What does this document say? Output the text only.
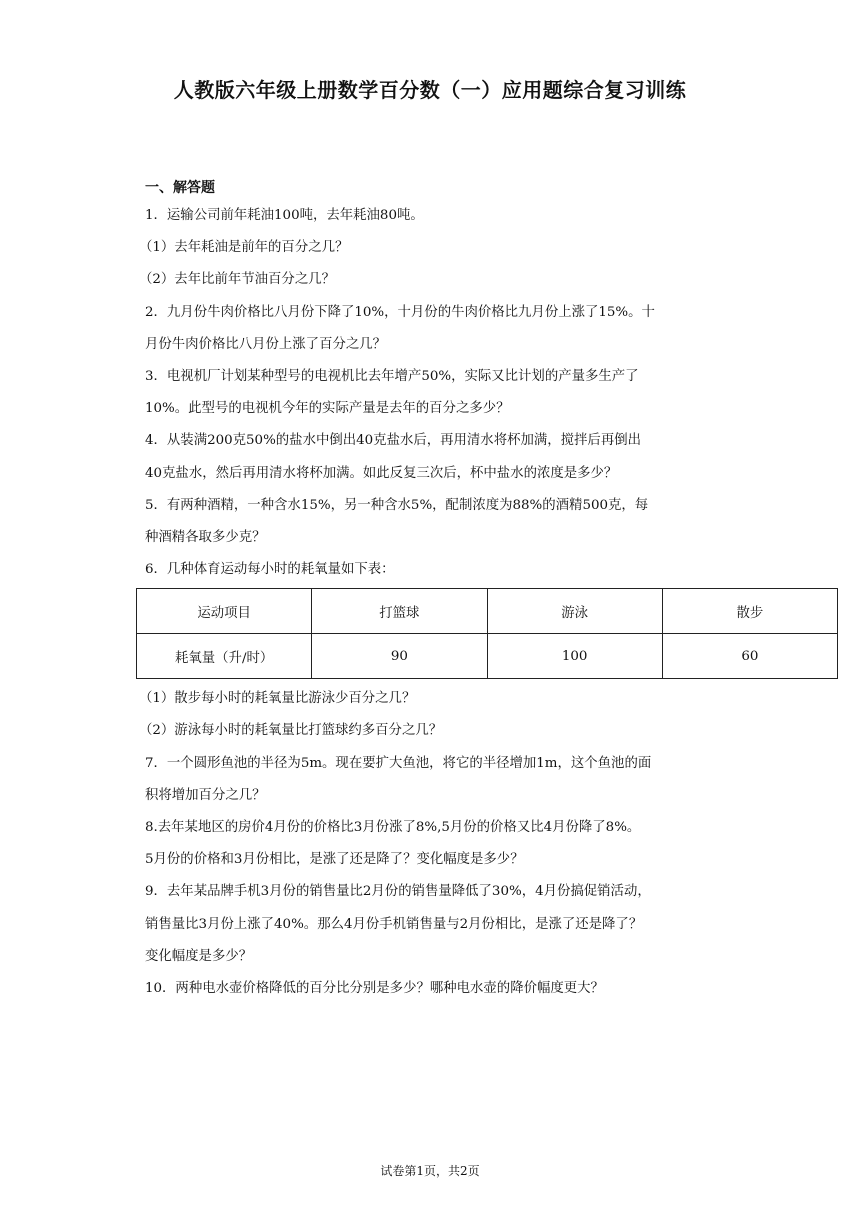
人教版六年级上册数学百分数（一）应用题综合复习训练
一、解答题
1．运输公司前年耗油100吨，去年耗油80吨。
（1）去年耗油是前年的百分之几？
（2）去年比前年节油百分之几？
2．九月份牛肉价格比八月份下降了10%，十月份的牛肉价格比九月份上涨了15%。十
月份牛肉价格比八月份上涨了百分之几？
3．电视机厂计划某种型号的电视机比去年增产50%，实际又比计划的产量多生产了
10%。此型号的电视机今年的实际产量是去年的百分之多少？
4．从装满200克50%的盐水中倒出40克盐水后，再用清水将杯加满，搅拌后再倒出
40克盐水，然后再用清水将杯加满。如此反复三次后，杯中盐水的浓度是多少？
5．有两种酒精，一种含水15%，另一种含水5%，配制浓度为88%的酒精500克，每
种酒精各取多少克？
6．几种体育运动每小时的耗氧量如下表：
运动项目	打篮球	游泳	散步
耗氧量（升/时）	90	100	60
（1）散步每小时的耗氧量比游泳少百分之几？
（2）游泳每小时的耗氧量比打篮球约多百分之几？
7．一个圆形鱼池的半径为5m。现在要扩大鱼池，将它的半径增加1m，这个鱼池的面
积将增加百分之几？
8.去年某地区的房价4月份的价格比3月份涨了8%,5月份的价格又比4月份降了8%。
5月份的价格和3月份相比，是涨了还是降了？变化幅度是多少？
9．去年某品牌手机3月份的销售量比2月份的销售量降低了30%，4月份搞促销活动，
销售量比3月份上涨了40%。那么4月份手机销售量与2月份相比，是涨了还是降了？
变化幅度是多少？
10．两种电水壶价格降低的百分比分别是多少？哪种电水壶的降价幅度更大？
试卷第1页，共2页
